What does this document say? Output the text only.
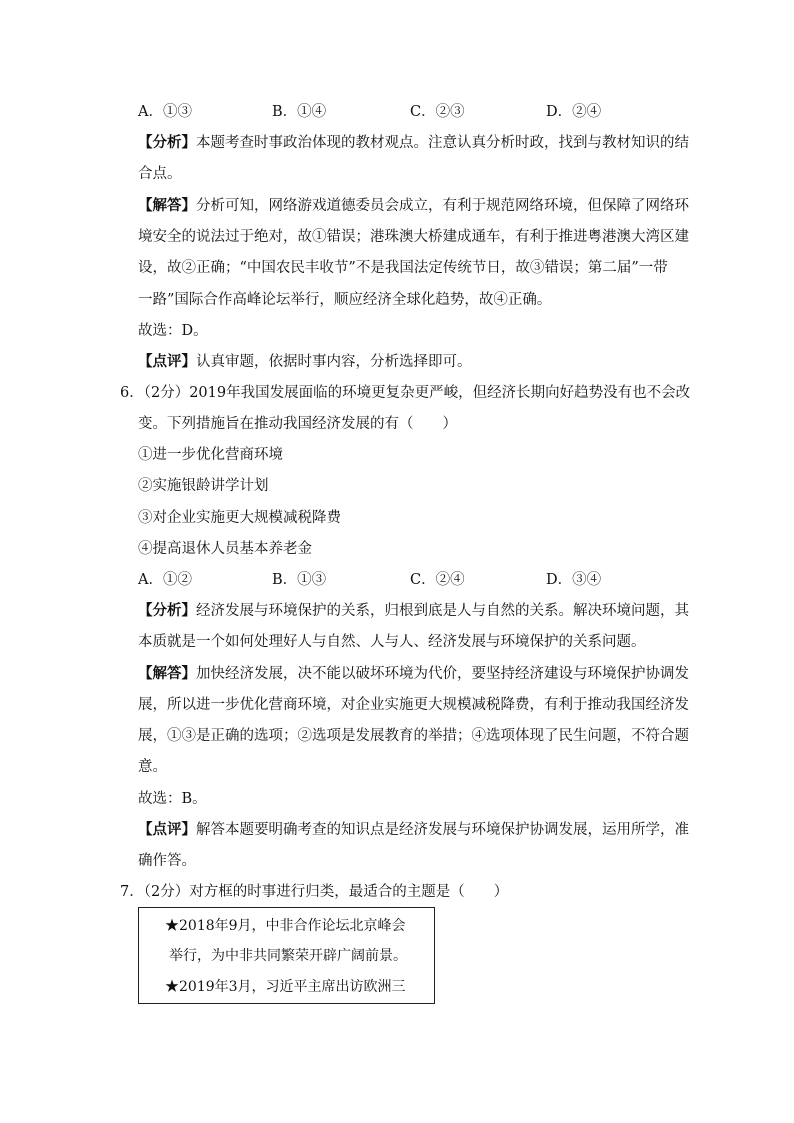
A．①③	B．①④	C．②③	D．②④
【分析】本题考查时事政治体现的教材观点。注意认真分析时政，找到与教材知识的结
合点。
【解答】分析可知，网络游戏道德委员会成立，有利于规范网络环境，但保障了网络环
境安全的说法过于绝对，故①错误；港珠澳大桥建成通车，有利于推进粤港澳大湾区建
设，故②正确；“中国农民丰收节”不是我国法定传统节日，故③错误；第二届”一带
一路”国际合作高峰论坛举行，顺应经济全球化趋势，故④正确。
故选：D。
【点评】认真审题，依据时事内容，分析选择即可。
6．（2分）2019年我国发展面临的环境更复杂更严峻，但经济长期向好趋势没有也不会改
变。下列措施旨在推动我国经济发展的有（　　）
①进一步优化营商环境
②实施银龄讲学计划
③对企业实施更大规模减税降费
④提高退休人员基本养老金
A．①②	B．①③	C．②④	D．③④
【分析】经济发展与环境保护的关系，归根到底是人与自然的关系。解决环境问题，其
本质就是一个如何处理好人与自然、人与人、经济发展与环境保护的关系问题。
【解答】加快经济发展，决不能以破坏环境为代价，要坚持经济建设与环境保护协调发
展，所以进一步优化营商环境，对企业实施更大规模减税降费，有利于推动我国经济发
展，①③是正确的选项；②选项是发展教育的举措；④选项体现了民生问题，不符合题
意。
故选：B。
【点评】解答本题要明确考查的知识点是经济发展与环境保护协调发展，运用所学，准
确作答。
7．（2分）对方框的时事进行归类，最适合的主题是（　　）
★2018年9月，中非合作论坛北京峰会
举行，为中非共同繁荣开辟广阔前景。
★2019年3月，习近平主席出访欧洲三
